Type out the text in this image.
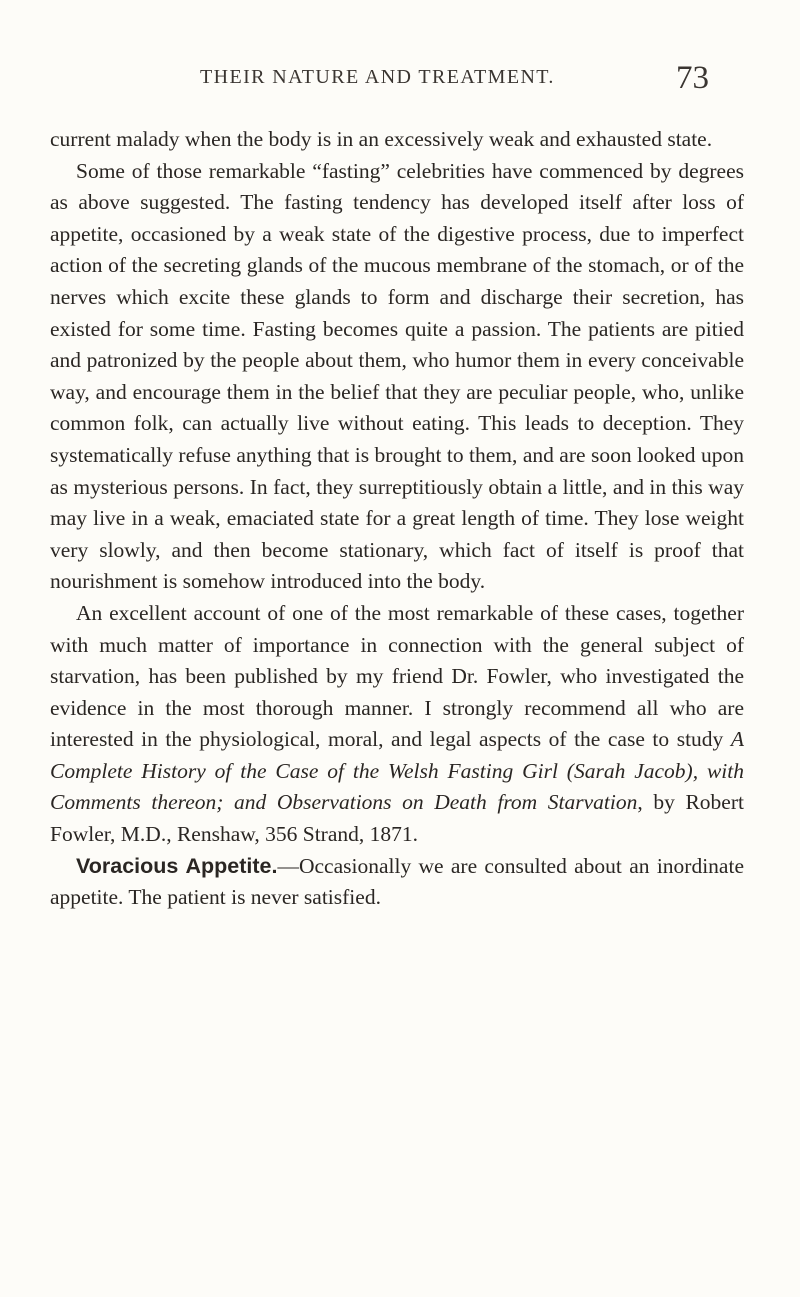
THEIR NATURE AND TREATMENT.	73

current malady when the body is in an excessively weak and exhausted state.

Some of those remarkable “fasting” celebrities have commenced by degrees as above suggested. The fasting tendency has developed itself after loss of appetite, occasioned by a weak state of the digestive process, due to imperfect action of the secreting glands of the mucous membrane of the stomach, or of the nerves which excite these glands to form and discharge their secretion, has existed for some time. Fasting becomes quite a passion. The patients are pitied and patronized by the people about them, who humor them in every conceivable way, and encourage them in the belief that they are peculiar people, who, unlike common folk, can actually live without eating. This leads to deception. They systematically refuse anything that is brought to them, and are soon looked upon as mysterious persons. In fact, they surreptitiously obtain a little, and in this way may live in a weak, emaciated state for a great length of time. They lose weight very slowly, and then become stationary, which fact of itself is proof that nourishment is somehow introduced into the body.

An excellent account of one of the most remarkable of these cases, together with much matter of importance in connection with the general subject of starvation, has been published by my friend Dr. Fowler, who investigated the evidence in the most thorough manner. I strongly recommend all who are interested in the physiological, moral, and legal aspects of the case to study A Complete History of the Case of the Welsh Fasting Girl (Sarah Jacob), with Comments thereon; and Observations on Death from Starvation, by Robert Fowler, M.D., Renshaw, 356 Strand, 1871.

Voracious Appetite.—Occasionally we are consulted about an inordinate appetite. The patient is never satisfied.
